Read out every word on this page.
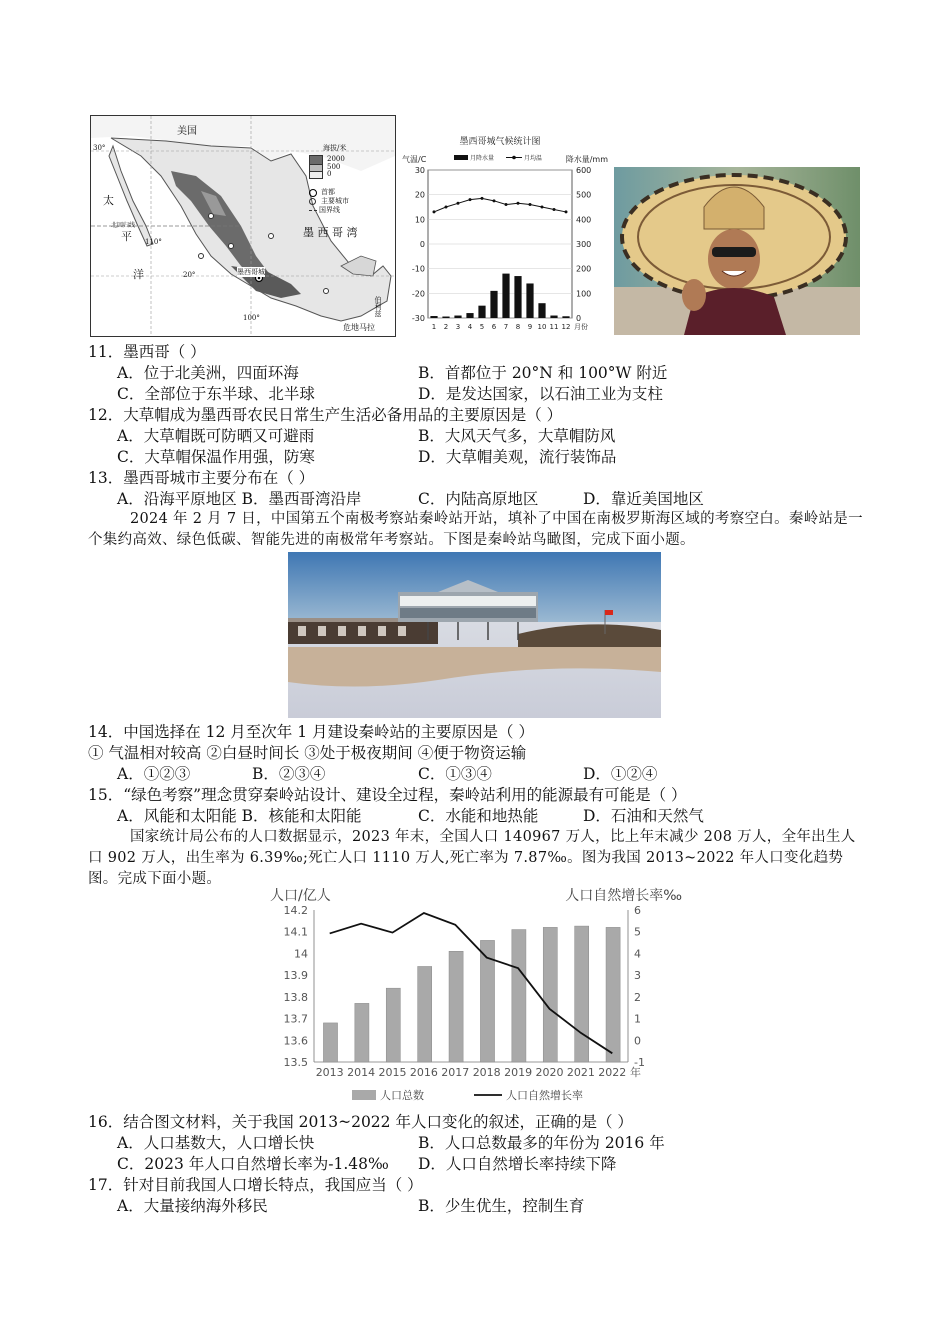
美国
太
平
洋
墨 西 哥 湾
危地马拉
伯利兹
30°
20°
110°
100°
北回归线
墨西哥城
海拔/米
2000
500
0
首都
主要城市
国界线
墨西哥城气候统计图
气温/C	降水量/mm
月降水量	月均温
30	600
20	500
10	400
0	300
-10	200
-20	100
-30	0
1 2 3 4 5 6 7 8 9 10 11 12 月份
11．墨西哥（ ）
A．位于北美洲，四面环海	B．首都位于 20°N 和 100°W 附近
C．全部位于东半球、北半球	D．是发达国家，以石油工业为支柱
12．大草帽成为墨西哥农民日常生产生活必备用品的主要原因是（ ）
A．大草帽既可防晒又可避雨	B．大风天气多，大草帽防风
C．大草帽保温作用强，防寒	D．大草帽美观，流行装饰品
13．墨西哥城市主要分布在（ ）
A．沿海平原地区 B．墨西哥湾沿岸	C．内陆高原地区	D．靠近美国地区
2024 年 2 月 7 日，中国第五个南极考察站秦岭站开站，填补了中国在南极罗斯海区域的考察空白。秦岭站是一个集约高效、绿色低碳、智能先进的南极常年考察站。下图是秦岭站鸟瞰图，完成下面小题。
14．中国选择在 12 月至次年 1 月建设秦岭站的主要原因是（ ）
① 气温相对较高 ②白昼时间长 ③处于极夜期间 ④便于物资运输
A．①②③	B．②③④	C．①③④	D．①②④
15．“绿色考察”理念贯穿秦岭站设计、建设全过程，秦岭站利用的能源最有可能是（ ）
A．风能和太阳能 B．核能和太阳能	C．水能和地热能	D．石油和天然气
国家统计局公布的人口数据显示，2023 年末，全国人口 140967 万人，比上年末减少 208 万人，全年出生人口 902 万人，出生率为 6.39‰;死亡人口 1110 万人,死亡率为 7.87‰。图为我国 2013~2022 年人口变化趋势图。完成下面小题。
人口/亿人	人口自然增长率‰
14.2	6
14.1	5
14	4
13.9	3
13.8	2
13.7	1
13.6	0
13.5	-1
2013 2014 2015 2016 2017 2018 2019 2020 2021 2022 年
人口总数	人口自然增长率
16．结合图文材料，关于我国 2013~2022 年人口变化的叙述，正确的是（ ）
A．人口基数大，人口增长快	B．人口总数最多的年份为 2016 年
C．2023 年人口自然增长率为-1.48‰ D．人口自然增长率持续下降
17．针对目前我国人口增长特点，我国应当（ ）
A．大量接纳海外移民	B．少生优生，控制生育
